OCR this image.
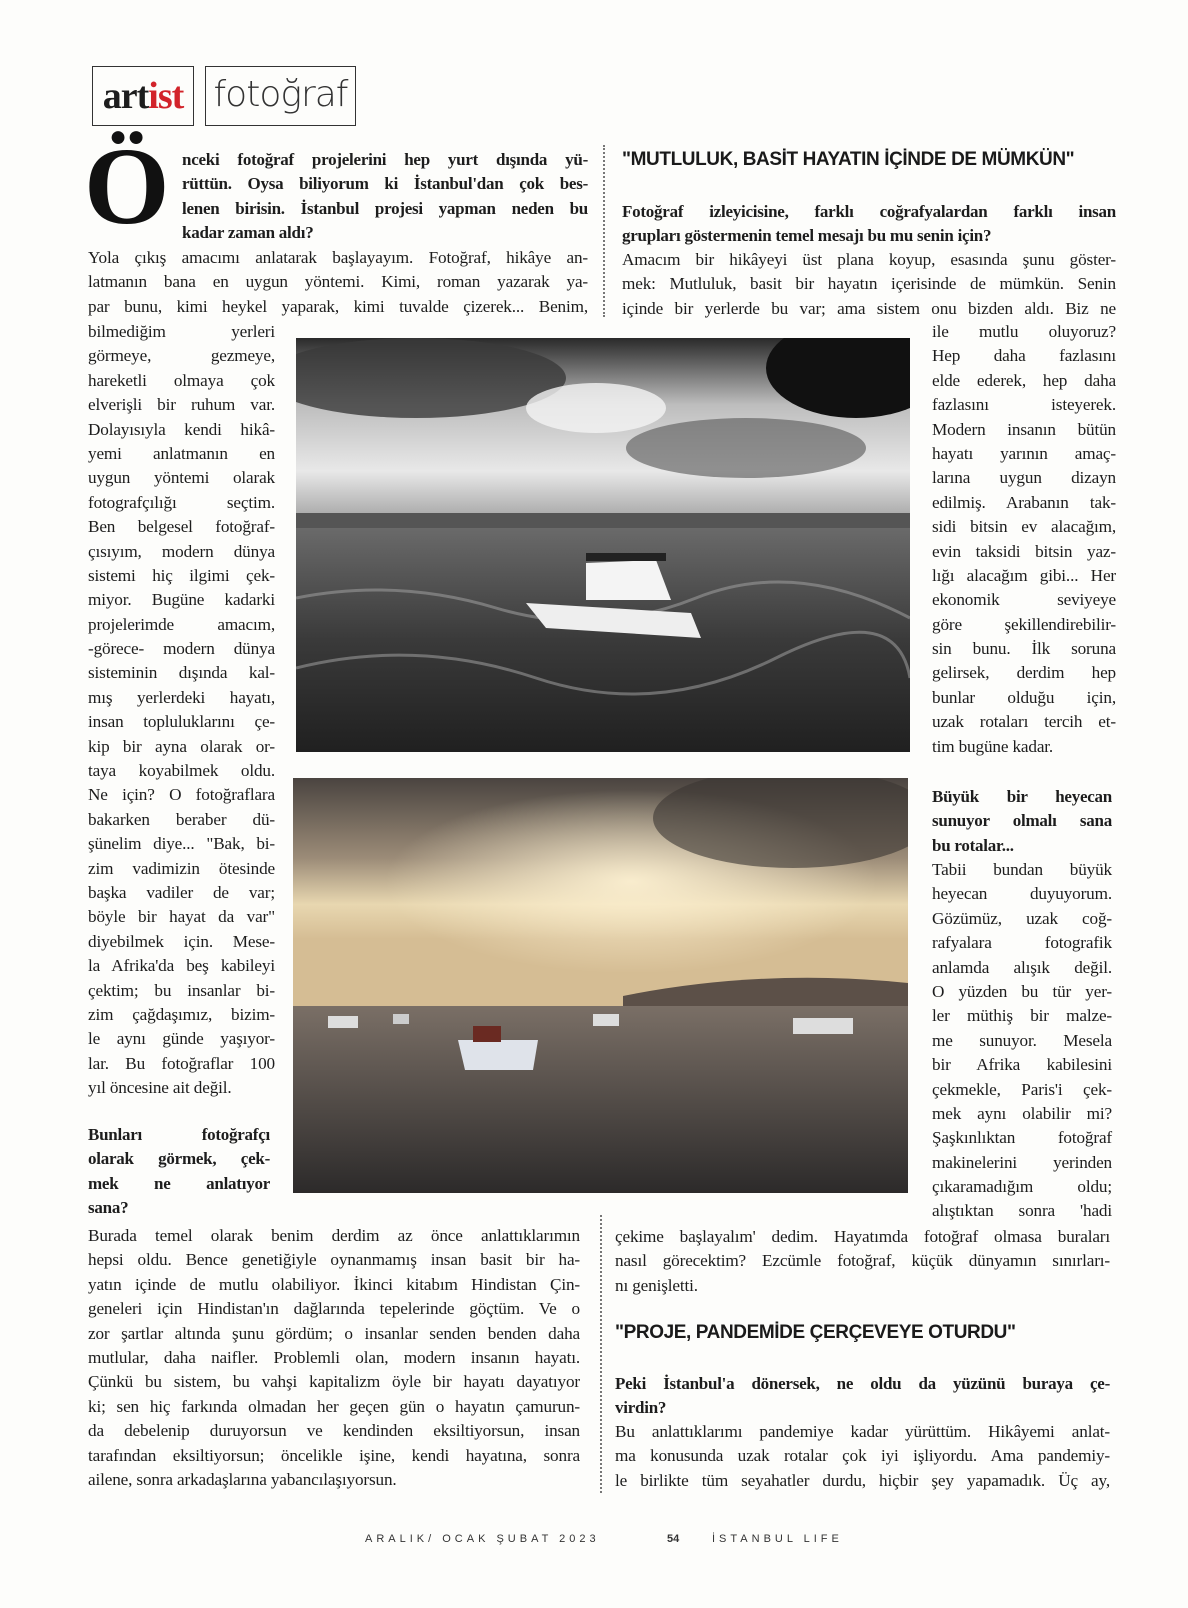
artist fotoğraf
Ö	"MUTLULUK, BASİT HAYATIN İÇİNDE DE MÜMKÜN"
"PROJE, PANDEMİDE ÇERÇEVEYE OTURDU"
ARALIK/ OCAK ŞUBAT 2023	54	İSTANBUL LIFE
nceki fotoğraf projelerini hep yurt dışında yü-
rüttün. Oysa biliyorum ki İstanbul'dan çok bes-
lenen birisin. İstanbul projesi yapman neden bu
kadar zaman aldı?
Yola çıkış amacımı anlatarak başlayayım. Fotoğraf, hikâye an-
latmanın bana en uygun yöntemi. Kimi, roman yazarak ya-
par bunu, kimi heykel yaparak, kimi tuvalde çizerek... Benim,
bilmediğim yerleri
görmeye, gezmeye,
hareketli olmaya çok
elverişli bir ruhum var.
Dolayısıyla kendi hikâ-
yemi anlatmanın en
uygun yöntemi olarak
fotografçılığı seçtim.
Ben belgesel fotoğraf-
çısıyım, modern dünya
sistemi hiç ilgimi çek-
miyor. Bugüne kadarki
projelerimde amacım,
-görece- modern dünya
sisteminin dışında kal-
mış yerlerdeki hayatı,
insan topluluklarını çe-
kip bir ayna olarak or-
taya koyabilmek oldu.
Ne için? O fotoğraflara
bakarken beraber dü-
şünelim diye... "Bak, bi-
zim vadimizin ötesinde
başka vadiler de var;
böyle bir hayat da var"
diyebilmek için. Mese-
la Afrika'da beş kabileyi
çektim; bu insanlar bi-
zim çağdaşımız, bizim-
le aynı günde yaşıyor-
lar. Bu fotoğraflar 100
yıl öncesine ait değil.
Bunları fotoğrafçı
olarak görmek, çek-
mek ne anlatıyor
sana?
Burada temel olarak benim derdim az önce anlattıklarımın
hepsi oldu. Bence genetiğiyle oynanmamış insan basit bir ha-
yatın içinde de mutlu olabiliyor. İkinci kitabım Hindistan Çin-
geneleri için Hindistan'ın dağlarında tepelerinde göçtüm. Ve o
zor şartlar altında şunu gördüm; o insanlar senden benden daha
mutlular, daha naifler. Problemli olan, modern insanın hayatı.
Çünkü bu sistem, bu vahşi kapitalizm öyle bir hayatı dayatıyor
ki; sen hiç farkında olmadan her geçen gün o hayatın çamurun-
da debelenip duruyorsun ve kendinden eksiltiyorsun, insan
tarafından eksiltiyorsun; öncelikle işine, kendi hayatına, sonra
ailene, sonra arkadaşlarına yabancılaşıyorsun.
Fotoğraf izleyicisine, farklı coğrafyalardan farklı insan
grupları göstermenin temel mesajı bu mu senin için?
Amacım bir hikâyeyi üst plana koyup, esasında şunu göster-
mek: Mutluluk, basit bir hayatın içerisinde de mümkün. Senin
içinde bir yerlerde bu var; ama sistem onu bizden aldı. Biz ne
ile mutlu oluyoruz?
Hep daha fazlasını
elde ederek, hep daha
fazlasını isteyerek.
Modern insanın bütün
hayatı yarının amaç-
larına uygun dizayn
edilmiş. Arabanın tak-
sidi bitsin ev alacağım,
evin taksidi bitsin yaz-
lığı alacağım gibi... Her
ekonomik seviyeye
göre şekillendirebilir-
sin bunu. İlk soruna
gelirsek, derdim hep
bunlar olduğu için,
uzak rotaları tercih et-
tim bugüne kadar.
Büyük bir heyecan
sunuyor olmalı sana
bu rotalar...
Tabii bundan büyük
heyecan duyuyorum.
Gözümüz, uzak coğ-
rafyalara fotografik
anlamda alışık değil.
O yüzden bu tür yer-
ler müthiş bir malze-
me sunuyor. Mesela
bir Afrika kabilesini
çekmekle, Paris'i çek-
mek aynı olabilir mi?
Şaşkınlıktan fotoğraf
makinelerini yerinden
çıkaramadığım oldu;
alıştıktan sonra 'hadi
çekime başlayalım' dedim. Hayatımda fotoğraf olmasa buraları
nasıl görecektim? Ezcümle fotoğraf, küçük dünyamın sınırları-
nı genişletti.
Peki İstanbul'a dönersek, ne oldu da yüzünü buraya çe-
virdin?
Bu anlattıklarımı pandemiye kadar yürüttüm. Hikâyemi anlat-
ma konusunda uzak rotalar çok iyi işliyordu. Ama pandemiy-
le birlikte tüm seyahatler durdu, hiçbir şey yapamadık. Üç ay,
